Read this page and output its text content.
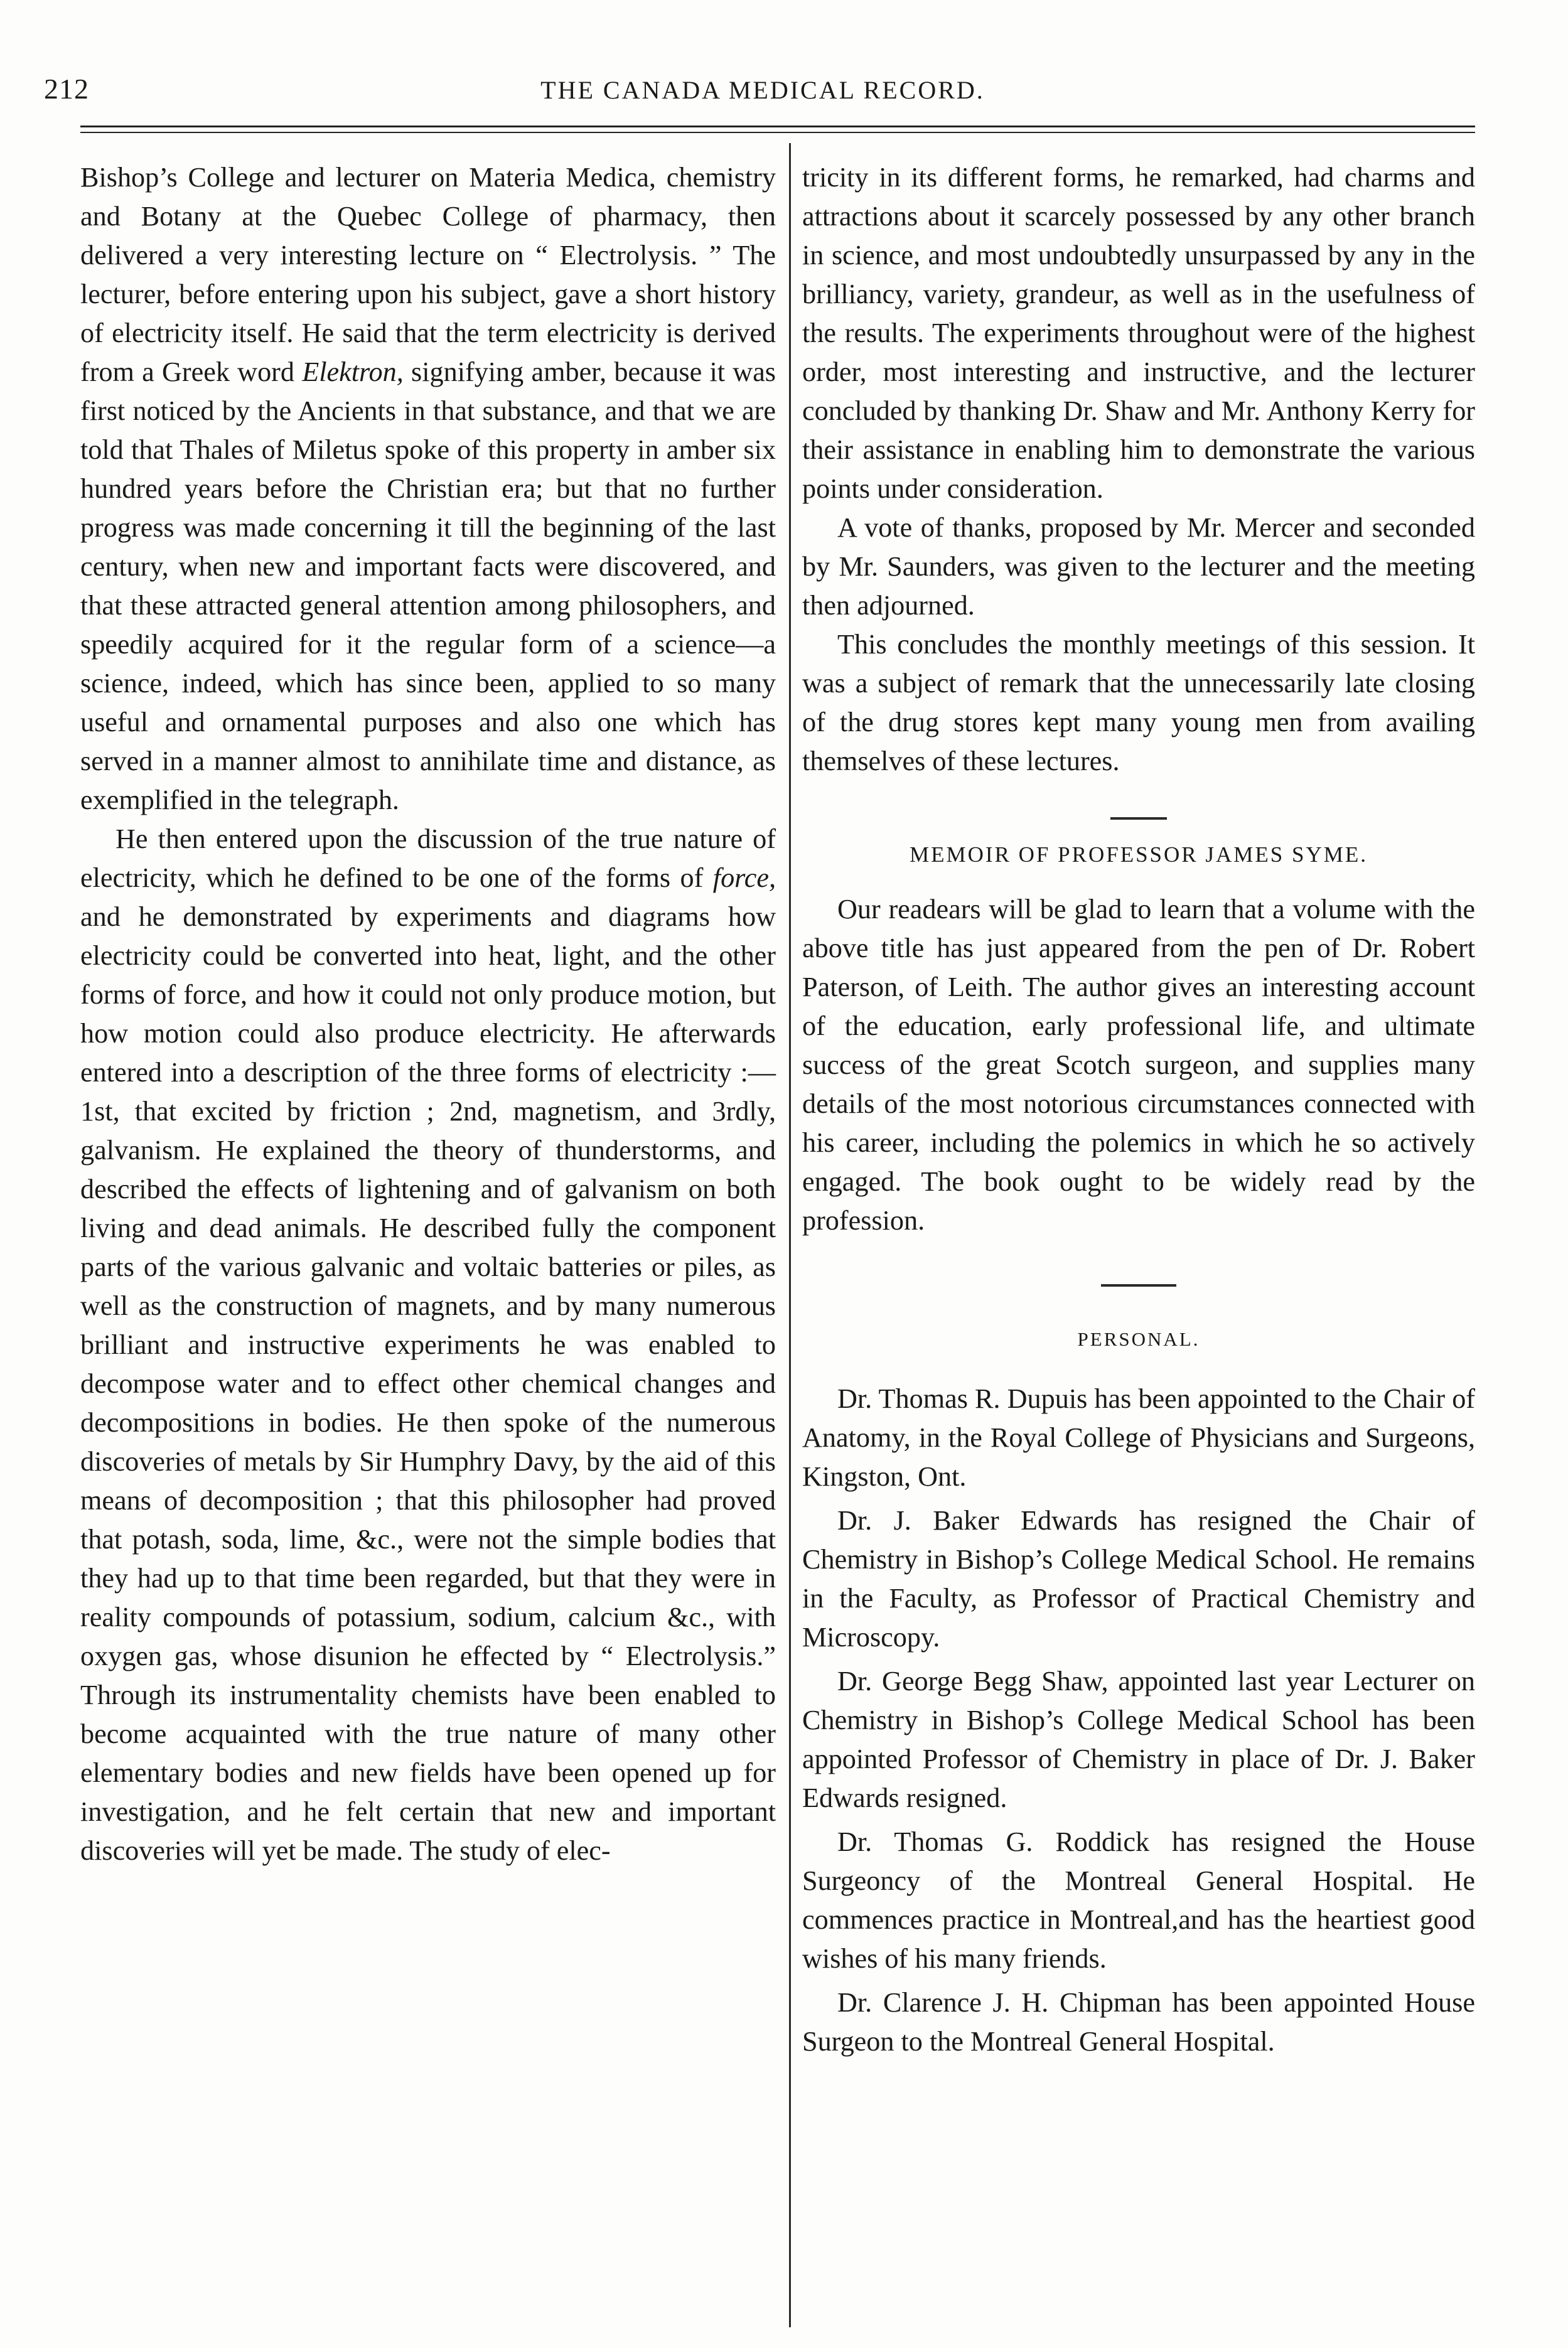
212	THE CANADA MEDICAL RECORD.

Bishop’s College and lecturer on Materia Medica, chemistry and Botany at the Quebec College of pharmacy, then delivered a very interesting lecture on “ Electrolysis. ” The lecturer, before entering upon his subject, gave a short history of electricity itself. He said that the term electricity is derived from a Greek word Elektron, signifying amber, because it was first noticed by the Ancients in that substance, and that we are told that Thales of Miletus spoke of this property in amber six hundred years before the Christian era; but that no further progress was made concerning it till the beginning of the last century, when new and important facts were discovered, and that these attracted general attention among philosophers, and speedily acquired for it the regular form of a science—a science, indeed, which has since been, applied to so many useful and ornamental purposes and also one which has served in a manner almost to annihilate time and distance, as exemplified in the telegraph.

He then entered upon the discussion of the true nature of electricity, which he defined to be one of the forms of force, and he demonstrated by experiments and diagrams how electricity could be converted into heat, light, and the other forms of force, and how it could not only produce motion, but how motion could also produce electricity. He afterwards entered into a description of the three forms of electricity :—1st, that excited by friction ; 2nd, magnetism, and 3rdly, galvanism. He explained the theory of thunderstorms, and described the effects of lightening and of galvanism on both living and dead animals. He described fully the component parts of the various galvanic and voltaic batteries or piles, as well as the construction of magnets, and by many numerous brilliant and instructive experiments he was enabled to decompose water and to effect other chemical changes and decompositions in bodies. He then spoke of the numerous discoveries of metals by Sir Humphry Davy, by the aid of this means of decomposition ; that this philosopher had proved that potash, soda, lime, &c., were not the simple bodies that they had up to that time been regarded, but that they were in reality compounds of potassium, sodium, calcium &c., with oxygen gas, whose disunion he effected by “ Electrolysis.” Through its instrumentality chemists have been enabled to become acquainted with the true nature of many other elementary bodies and new fields have been opened up for investigation, and he felt certain that new and important discoveries will yet be made. The study of elec-

tricity in its different forms, he remarked, had charms and attractions about it scarcely possessed by any other branch in science, and most undoubtedly unsurpassed by any in the brilliancy, variety, grandeur, as well as in the usefulness of the results. The experiments throughout were of the highest order, most interesting and instructive, and the lecturer concluded by thanking Dr. Shaw and Mr. Anthony Kerry for their assistance in enabling him to demonstrate the various points under consideration.

A vote of thanks, proposed by Mr. Mercer and seconded by Mr. Saunders, was given to the lecturer and the meeting then adjourned.

This concludes the monthly meetings of this session. It was a subject of remark that the unnecessarily late closing of the drug stores kept many young men from availing themselves of these lectures.

MEMOIR OF PROFESSOR JAMES SYME.

Our readears will be glad to learn that a volume with the above title has just appeared from the pen of Dr. Robert Paterson, of Leith. The author gives an interesting account of the education, early professional life, and ultimate success of the great Scotch surgeon, and supplies many details of the most notorious circumstances connected with his career, including the polemics in which he so actively engaged. The book ought to be widely read by the profession.

PERSONAL.

Dr. Thomas R. Dupuis has been appointed to the Chair of Anatomy, in the Royal College of Physicians and Surgeons, Kingston, Ont.

Dr. J. Baker Edwards has resigned the Chair of Chemistry in Bishop’s College Medical School. He remains in the Faculty, as Professor of Practical Chemistry and Microscopy.

Dr. George Begg Shaw, appointed last year Lecturer on Chemistry in Bishop’s College Medical School has been appointed Professor of Chemistry in place of Dr. J. Baker Edwards resigned.

Dr. Thomas G. Roddick has resigned the House Surgeoncy of the Montreal General Hospital. He commences practice in Montreal,and has the heartiest good wishes of his many friends.

Dr. Clarence J. H. Chipman has been appointed House Surgeon to the Montreal General Hospital.
